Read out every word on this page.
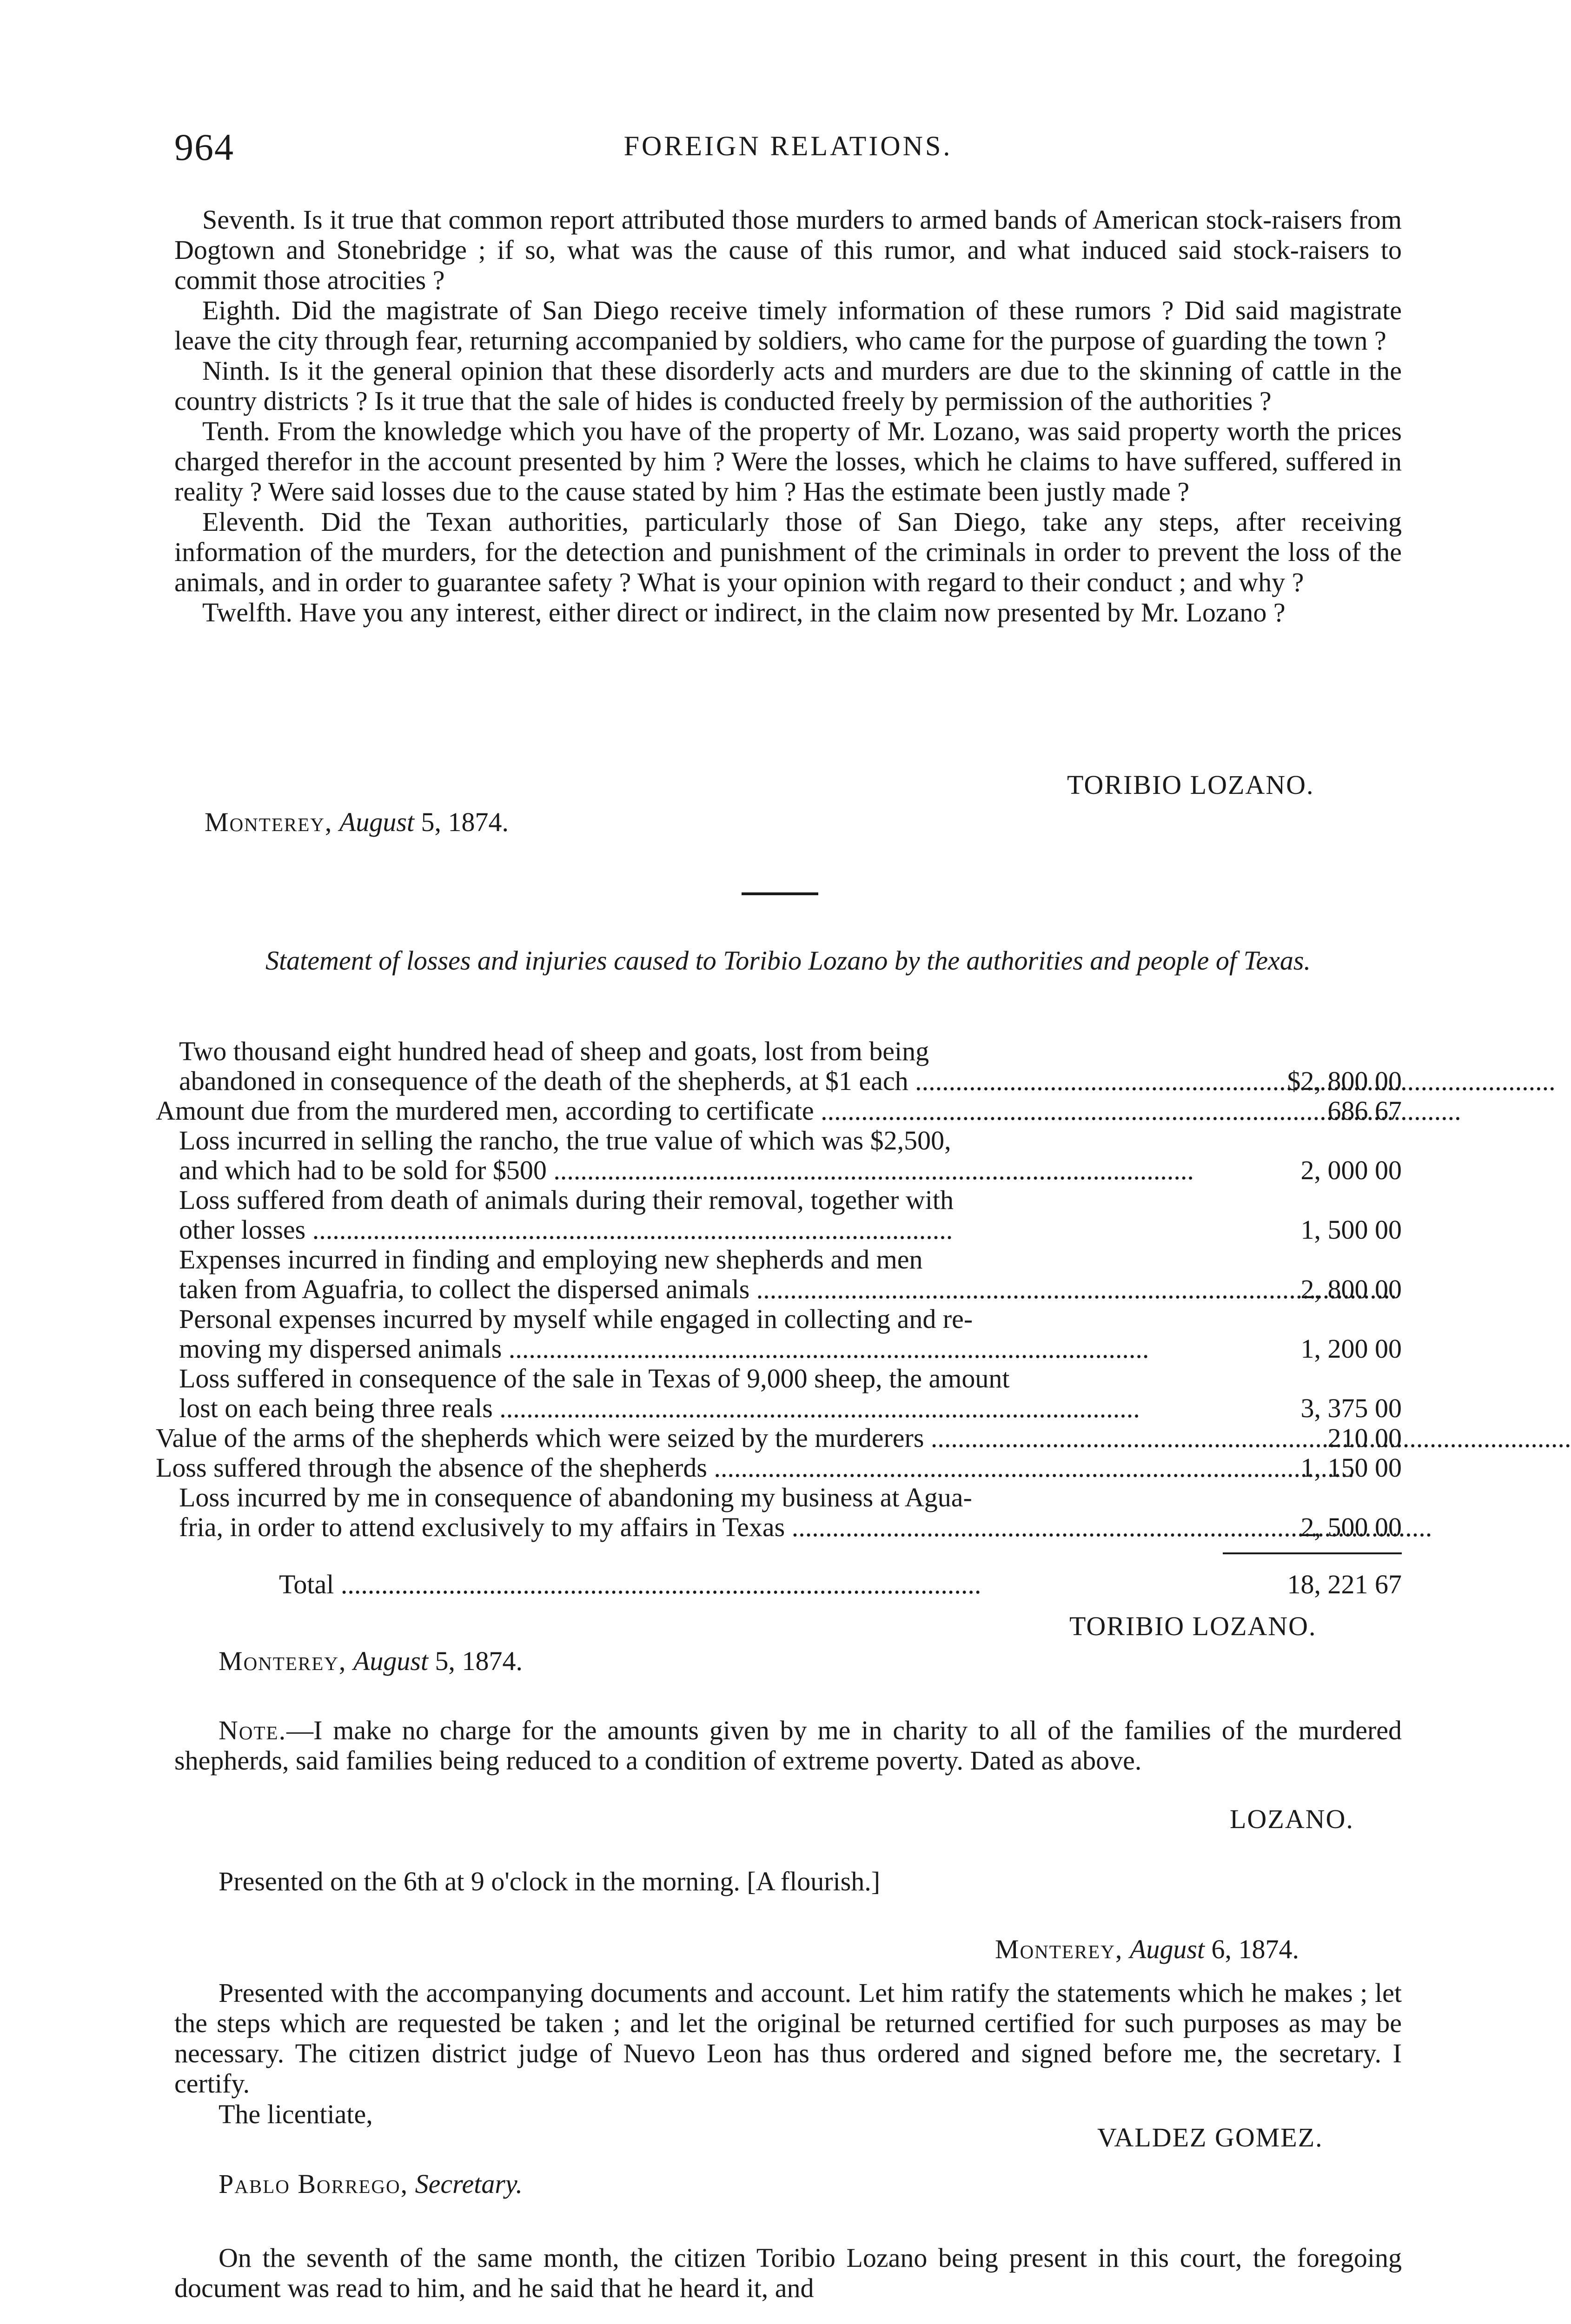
964	FOREIGN RELATIONS.

Seventh. Is it true that common report attributed those murders to armed bands of American stock-raisers from Dogtown and Stonebridge ; if so, what was the cause of this rumor, and what induced said stock-raisers to commit those atrocities ?

Eighth. Did the magistrate of San Diego receive timely information of these rumors ? Did said magistrate leave the city through fear, returning accompanied by soldiers, who came for the purpose of guarding the town ?

Ninth. Is it the general opinion that these disorderly acts and murders are due to the skinning of cattle in the country districts ? Is it true that the sale of hides is conducted freely by permission of the authorities ?

Tenth. From the knowledge which you have of the property of Mr. Lozano, was said property worth the prices charged therefor in the account presented by him ? Were the losses, which he claims to have suffered, suffered in reality ? Were said losses due to the cause stated by him ? Has the estimate been justly made ?

Eleventh. Did the Texan authorities, particularly those of San Diego, take any steps, after receiving information of the murders, for the detection and punishment of the criminals in order to prevent the loss of the animals, and in order to guarantee safety ? What is your opinion with regard to their conduct ; and why ?

Twelfth. Have you any interest, either direct or indirect, in the claim now presented by Mr. Lozano ?

TORIBIO LOZANO.
Monterey, August 5, 1874.
Statement of losses and injuries caused to Toribio Lozano by the authorities and people of Texas.
Two thousand eight hundred head of sheep and goats, lost from being
abandoned in consequence of the death of the shepherds, at $1 each .....	$2, 800 00
Amount due from the murdered men, according to certificate .....	686 67
Loss incurred in selling the rancho, the true value of which was $2,500,
and which had to be sold for $500 .....	2, 000 00
Loss suffered from death of animals during their removal, together with
other losses .....	1, 500 00
Expenses incurred in finding and employing new shepherds and men
taken from Aguafria, to collect the dispersed animals .....	2, 800 00
Personal expenses incurred by myself while engaged in collecting and re-
moving my dispersed animals .....	1, 200 00
Loss suffered in consequence of the sale in Texas of 9,000 sheep, the amount
lost on each being three reals .....	3, 375 00
Value of the arms of the shepherds which were seized by the murderers .....	210 00
Loss suffered through the absence of the shepherds .....	1, 150 00
Loss incurred by me in consequence of abandoning my business at Agua-
fria, in order to attend exclusively to my affairs in Texas .....	2, 500 00
Total .....	18, 221 67
TORIBIO LOZANO.
Monterey, August 5, 1874.

Note.—I make no charge for the amounts given by me in charity to all of the families of the murdered shepherds, said families being reduced to a condition of extreme poverty. Dated as above.

LOZANO.

Presented on the 6th at 9 o'clock in the morning. [A flourish.]

Monterey, August 6, 1874.

Presented with the accompanying documents and account. Let him ratify the statements which he makes ; let the steps which are requested be taken ; and let the original be returned certified for such purposes as may be necessary. The citizen district judge of Nuevo Leon has thus ordered and signed before me, the secretary. I certify.

The licentiate,
VALDEZ GOMEZ.
Pablo Borrego, Secretary.

On the seventh of the same month, the citizen Toribio Lozano being present in this court, the foregoing document was read to him, and he said that he heard it, and
